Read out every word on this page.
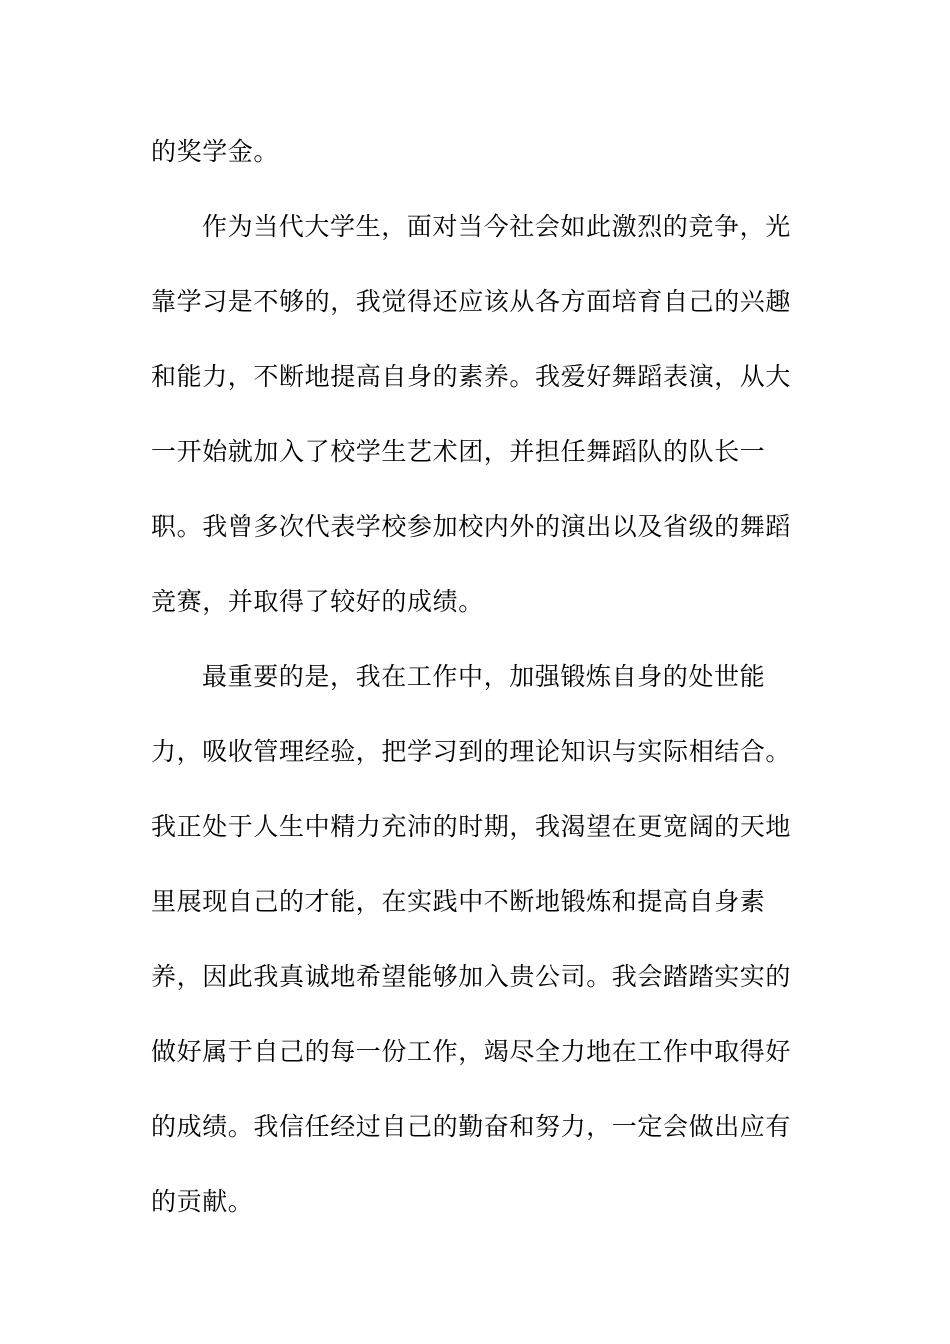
的奖学金。
作为当代大学生，面对当今社会如此激烈的竞争，光
靠学习是不够的，我觉得还应该从各方面培育自己的兴趣
和能力，不断地提高自身的素养。我爱好舞蹈表演，从大
一开始就加入了校学生艺术团，并担任舞蹈队的队长一
职。我曾多次代表学校参加校内外的演出以及省级的舞蹈
竞赛，并取得了较好的成绩。
最重要的是，我在工作中，加强锻炼自身的处世能
力，吸收管理经验，把学习到的理论知识与实际相结合。
我正处于人生中精力充沛的时期，我渴望在更宽阔的天地
里展现自己的才能，在实践中不断地锻炼和提高自身素
养，因此我真诚地希望能够加入贵公司。我会踏踏实实的
做好属于自己的每一份工作，竭尽全力地在工作中取得好
的成绩。我信任经过自己的勤奋和努力，一定会做出应有
的贡献。
